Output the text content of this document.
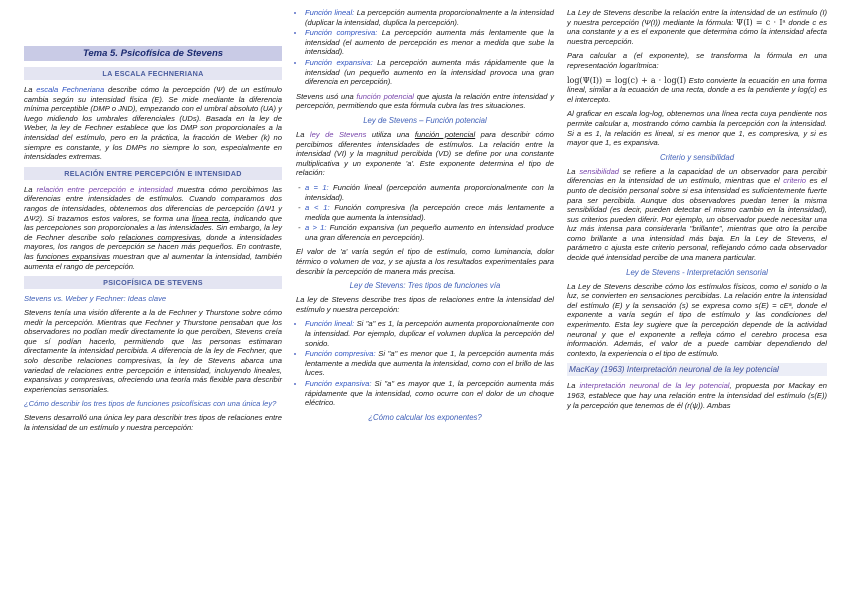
Tema 5. Psicofísica de Stevens
LA ESCALA FECHNERIANA

La escala Fechneriana describe cómo la percepción (Ψ) de un estímulo cambia según su intensidad física (E). Se mide mediante la diferencia mínima perceptible (DMP o JND), empezando con el umbral absoluto (UA) y luego midiendo los umbrales diferenciales (UDs). Basada en la ley de Weber, la ley de Fechner establece que los DMP son proporcionales a la intensidad del estímulo, pero en la práctica, la fracción de Weber (k) no siempre es constante, y los DMPs no siempre lo son, especialmente en intensidades extremas.

RELACIÓN ENTRE PERCEPCIÓN E INTENSIDAD

La relación entre percepción e intensidad muestra cómo percibimos las diferencias entre intensidades de estímulos. Cuando comparamos dos rangos de intensidades, obtenemos dos diferencias de percepción (ΔΨ1 y ΔΨ2). Si trazamos estos valores, se forma una línea recta, indicando que las percepciones son proporcionales a las intensidades. Sin embargo, la ley de Fechner describe solo relaciones compresivas, donde a intensidades mayores, los rangos de percepción se hacen más pequeños. En contraste, las funciones expansivas muestran que al aumentar la intensidad, también aumenta el rango de percepción.

PSICOFÍSICA DE STEVENS
Stevens vs. Weber y Fechner: Ideas clave

Stevens tenía una visión diferente a la de Fechner y Thurstone sobre cómo medir la percepción. Mientras que Fechner y Thurstone pensaban que los observadores no podían medir directamente lo que perciben, Stevens creía que sí podían hacerlo, permitiendo que las personas estimaran directamente la intensidad percibida. A diferencia de la ley de Fechner, que solo describe relaciones compresivas, la ley de Stevens abarca una variedad de relaciones entre percepción e intensidad, incluyendo lineales, expansivas y compresivas, ofreciendo una teoría más flexible para describir experiencias sensoriales.

¿Cómo describir los tres tipos de funciones psicofísicas con una única ley?

Stevens desarrolló una única ley para describir tres tipos de relaciones entre la intensidad de un estímulo y nuestra percepción:

• Función lineal: La percepción aumenta proporcionalmente a la intensidad (duplicar la intensidad, duplica la percepción).
• Función compresiva: La percepción aumenta más lentamente que la intensidad (el aumento de percepción es menor a medida que sube la intensidad).
• Función expansiva: La percepción aumenta más rápidamente que la intensidad (un pequeño aumento en la intensidad provoca una gran diferencia en percepción).

Stevens usó una función potencial que ajusta la relación entre intensidad y percepción, permitiendo que esta fórmula cubra las tres situaciones.

Ley de Stevens – Función potencial

La ley de Stevens utiliza una función potencial para describir cómo percibimos diferentes intensidades de estímulos. La relación entre la intensidad (VI) y la magnitud percibida (VD) se define por una constante multiplicativa y un exponente 'a'. Este exponente determina el tipo de relación:

- a = 1: Función lineal (percepción aumenta proporcionalmente con la intensidad).
- a < 1: Función compresiva (la percepción crece más lentamente a medida que aumenta la intensidad).
- a > 1: Función expansiva (un pequeño aumento en intensidad produce una gran diferencia en percepción).

El valor de 'a' varía según el tipo de estímulo, como luminancia, dolor térmico o volumen de voz, y se ajusta a los resultados experimentales para describir la percepción de manera más precisa.

Ley de Stevens: Tres tipos de funciones vía

La ley de Stevens describe tres tipos de relaciones entre la intensidad del estímulo y nuestra percepción:

• Función lineal: Si "a" es 1, la percepción aumenta proporcionalmente con la intensidad. Por ejemplo, duplicar el volumen duplica la percepción del sonido.
• Función compresiva: Si "a" es menor que 1, la percepción aumenta más lentamente a medida que aumenta la intensidad, como con el brillo de las luces.
• Función expansiva: Si "a" es mayor que 1, la percepción aumenta más rápidamente que la intensidad, como ocurre con el dolor de un choque eléctrico.
¿Cómo calcular los exponentes?

La Ley de Stevens describe la relación entre la intensidad de un estímulo (I) y nuestra percepción (Ψ(I)) mediante la fórmula: Ψ(I) = c · Iᵃ donde c es una constante y a es el exponente que determina cómo la intensidad afecta nuestra percepción.

Para calcular a (el exponente), se transforma la fórmula en una representación logarítmica:

log(Ψ(I)) = log(c) + a · log(I) Esto convierte la ecuación en una forma lineal, similar a la ecuación de una recta, donde a es la pendiente y log(c) es el intercepto.

Al graficar en escala log-log, obtenemos una línea recta cuya pendiente nos permite calcular a, mostrando cómo cambia la percepción con la intensidad. Si a es 1, la relación es lineal, si es menor que 1, es compresiva, y si es mayor que 1, es expansiva.

Criterio y sensibilidad

La sensibilidad se refiere a la capacidad de un observador para percibir diferencias en la intensidad de un estímulo, mientras que el criterio es el punto de decisión personal sobre si esa intensidad es suficientemente fuerte para ser percibida. Aunque dos observadores puedan tener la misma sensibilidad (es decir, pueden detectar el mismo cambio en la intensidad), sus criterios pueden diferir. Por ejemplo, un observador puede necesitar una luz más intensa para considerarla "brillante", mientras que otro la percibe como brillante a una intensidad más baja. En la Ley de Stevens, el parámetro c ajusta este criterio personal, reflejando cómo cada observador decide qué intensidad percibe de una manera particular.

Ley de Stevens - Interpretación sensorial

La Ley de Stevens describe cómo los estímulos físicos, como el sonido o la luz, se convierten en sensaciones percibidas. La relación entre la intensidad del estímulo (E) y la sensación (s) se expresa como s(E) = cEᵃ, donde el exponente a varía según el tipo de estímulo y las condiciones del experimento. Esta ley sugiere que la percepción depende de la actividad neuronal y que el exponente a refleja cómo el cerebro procesa esa información. Además, el valor de a puede cambiar dependiendo del contexto, la experiencia o el tipo de estímulo.

MacKay (1963) Interpretación neuronal de la ley potencial

La interpretación neuronal de la ley potencial, propuesta por Mackay en 1963, establece que hay una relación entre la intensidad del estímulo (s(E)) y la percepción que tenemos de él (r(ψ)). Ambas
